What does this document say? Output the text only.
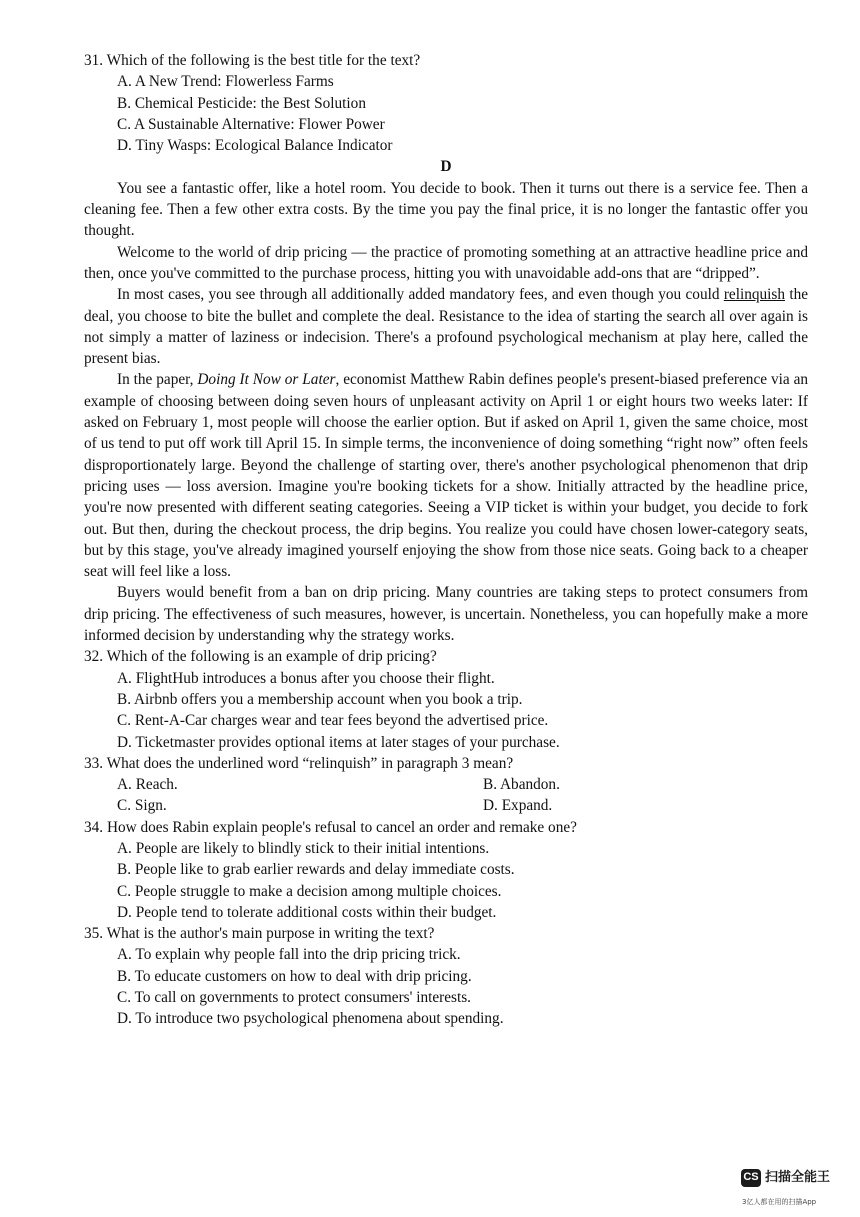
31. Which of the following is the best title for the text?

A. A New Trend: Flowerless Farms

B. Chemical Pesticide: the Best Solution

C. A Sustainable Alternative: Flower Power

D. Tiny Wasps: Ecological Balance Indicator

D

You see a fantastic offer, like a hotel room. You decide to book. Then it turns out there is a service fee. Then a cleaning fee. Then a few other extra costs. By the time you pay the final price, it is no longer the fantastic offer you thought.

Welcome to the world of drip pricing — the practice of promoting something at an attractive headline price and then, once you've committed to the purchase process, hitting you with unavoidable add-ons that are “dripped”.

In most cases, you see through all additionally added mandatory fees, and even though you could relinquish the deal, you choose to bite the bullet and complete the deal. Resistance to the idea of starting the search all over again is not simply a matter of laziness or indecision. There's a profound psychological mechanism at play here, called the present bias.

In the paper, Doing It Now or Later, economist Matthew Rabin defines people's present-biased preference via an example of choosing between doing seven hours of unpleasant activity on April 1 or eight hours two weeks later: If asked on February 1, most people will choose the earlier option. But if asked on April 1, given the same choice, most of us tend to put off work till April 15. In simple terms, the inconvenience of doing something “right now” often feels disproportionately large. Beyond the challenge of starting over, there's another psychological phenomenon that drip pricing uses — loss aversion. Imagine you're booking tickets for a show. Initially attracted by the headline price, you're now presented with different seating categories. Seeing a VIP ticket is within your budget, you decide to fork out. But then, during the checkout process, the drip begins. You realize you could have chosen lower-category seats, but by this stage, you've already imagined yourself enjoying the show from those nice seats. Going back to a cheaper seat will feel like a loss.

Buyers would benefit from a ban on drip pricing. Many countries are taking steps to protect consumers from drip pricing. The effectiveness of such measures, however, is uncertain. Nonetheless, you can hopefully make a more informed decision by understanding why the strategy works.

32. Which of the following is an example of drip pricing?

A. FlightHub introduces a bonus after you choose their flight.

B. Airbnb offers you a membership account when you book a trip.

C. Rent-A-Car charges wear and tear fees beyond the advertised price.

D. Ticketmaster provides optional items at later stages of your purchase.

33. What does the underlined word “relinquish” in paragraph 3 mean?

A. Reach.	B. Abandon.
C. Sign.	D. Expand.

34. How does Rabin explain people's refusal to cancel an order and remake one?

A. People are likely to blindly stick to their initial intentions.

B. People like to grab earlier rewards and delay immediate costs.

C. People struggle to make a decision among multiple choices.

D. People tend to tolerate additional costs within their budget.

35. What is the author's main purpose in writing the text?

A. To explain why people fall into the drip pricing trick.

B. To educate customers on how to deal with drip pricing.

C. To call on governments to protect consumers' interests.

D. To introduce two psychological phenomena about spending.

CS 扫描全能王
3亿人都在用的扫描App
